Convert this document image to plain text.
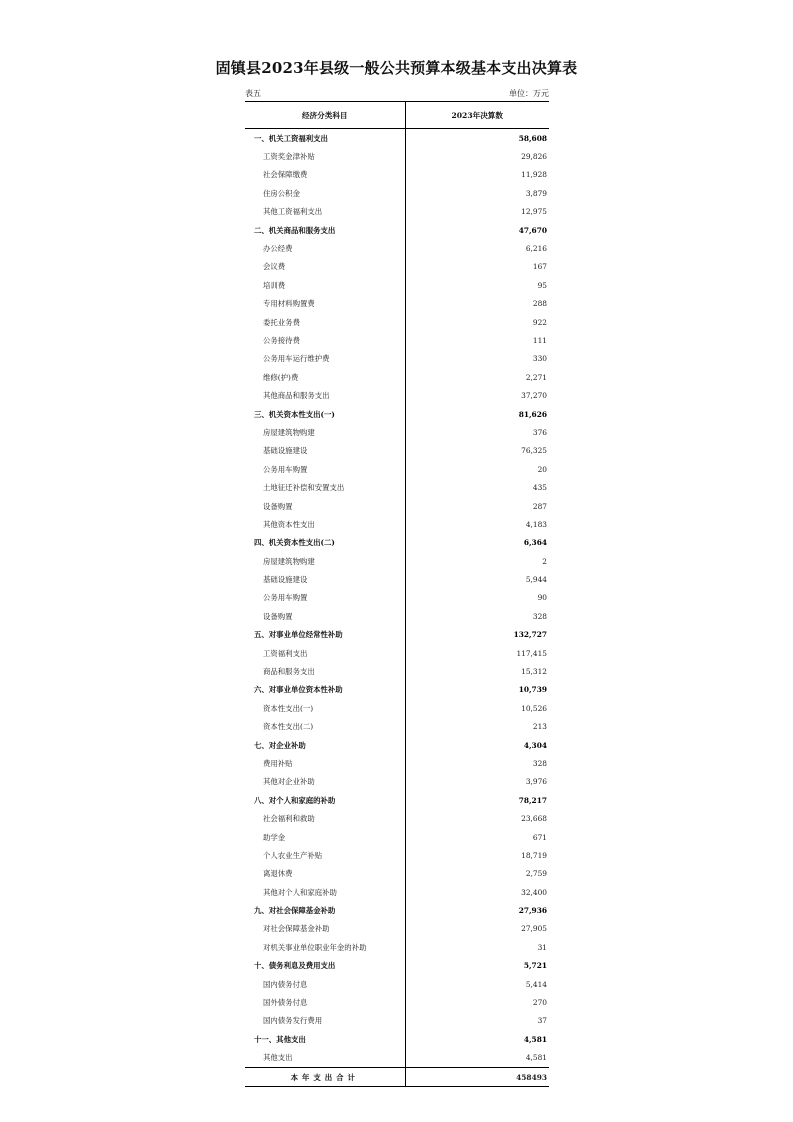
固镇县2023年县级一般公共预算本级基本支出决算表
表五	单位：万元
经济分类科目	2023年决算数
一、机关工资福利支出	58,608
工资奖金津补贴	29,826
社会保障缴费	11,928
住房公积金	3,879
其他工资福利支出	12,975
二、机关商品和服务支出	47,670
办公经费	6,216
会议费	167
培训费	95
专用材料购置费	288
委托业务费	922
公务接待费	111
公务用车运行维护费	330
维修(护)费	2,271
其他商品和服务支出	37,270
三、机关资本性支出(一)	81,626
房屋建筑物购建	376
基础设施建设	76,325
公务用车购置	20
土地征迁补偿和安置支出	435
设备购置	287
其他资本性支出	4,183
四、机关资本性支出(二)	6,364
房屋建筑物购建	2
基础设施建设	5,944
公务用车购置	90
设备购置	328
五、对事业单位经常性补助	132,727
工资福利支出	117,415
商品和服务支出	15,312
六、对事业单位资本性补助	10,739
资本性支出(一)	10,526
资本性支出(二)	213
七、对企业补助	4,304
费用补贴	328
其他对企业补助	3,976
八、对个人和家庭的补助	78,217
社会福利和救助	23,668
助学金	671
个人农业生产补贴	18,719
离退休费	2,759
其他对个人和家庭补助	32,400
九、对社会保障基金补助	27,936
对社会保障基金补助	27,905
对机关事业单位职业年金的补助	31
十、债务利息及费用支出	5,721
国内债务付息	5,414
国外债务付息	270
国内债务发行费用	37
十一、其他支出	4,581
其他支出	4,581
本年支出合计	458493
